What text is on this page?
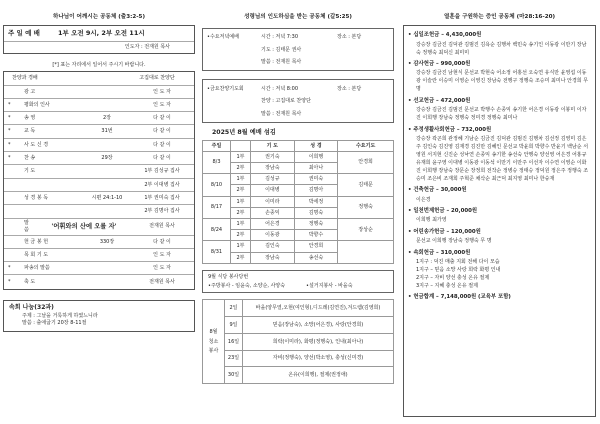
하나님이 어깨시는 공동체 (출3:2-5)
주 일 예 배	1부 오전 9시, 2부 오전 11시
인도자 : 전재원 목사
[*] 표는 자리에서 일어서 주시기 바랍니다.
찬양과 경배	고집대로 찬양단
광 고	인 도 자
*	평화의 인사	인 도 자
*	송 영	2장	다 같 이
*	교 독	31번	다 같 이
*	사 도 신 경	다 같 이
*	찬 송	29장	다 같 이
기 도	1부 김성규 집사
2부 이대병 집사
성 경 봉 독	시편 24:1-10	1부 권미숙 집사
2부 김명아 집사
말 씀	'어휘와의 산에 오를 자'	전재원 목사
헌 금 봉 헌	330장	다 같 이
목 회 기 도	인 도 자
*	파송의 말씀	인 도 자
*	축 도	전재원 목사
속회 나눔(32과)
주제 : 그날을 거룩하게 하였느니라
말씀 : 출애굽기 20장 8-11절
성령님의 인도하심을 받는 공동체 (갈5:25)
•수요저녁예배	시간 : 저녁 7:30	장소 : 본당
기도 : 김태문 권사
말씀 : 전재원 목사
•금요찬양기도회	시간 : 저녁 8:00	장소 : 본당
찬양 : 고집대로 찬양단
말씀 : 전재원 목사
2025년 8월 예배 섬김
주일		기 도	성 경	수요기도
8/3	1부	권기숙	이희행	안경희
	2부	장남숙	최아나	
8/10	1부	김성규	권미숙	김태문
	2부	이대병	김명아	
8/17	1부	이미라	박세정	정행숙
	2부	손종익	김명숙	
8/24	1부	어은경	정행숙	장상순
	2부	이동광	박향수	
8/31	1부	김인숙	안경희	
	2부	장남숙	송선숙	
9월 식당 봉사당번
•주방봉사 - 임윤숙, 소양순, 사양숙	•설거지봉사 - 바을숙
8월
청소
봉사	2일	바을(양무열,오현(여인형),디드레(김연진),겨드렘(김영희)
	9일	믿음(장남숙), 소망(어은경), 사랑(안경희)
	16일	희락(이미라), 화평(정행숙), 인내(최아나)
	23일	자비(정행숙), 양선(박소영), 충성(신미경)
	30일	온유(이희행), 절제(권정애)
열훈을 구원하는 증인 공동체 (마28:16-20)
• 십일조헌금 – 4,430,000원
강승장 김금진 김덕관 김범진 김욕순 김행차 백민숙 송기인 이동광 이만기 장남숙 정행숙 최덕신 최미미
• 감사헌금 – 990,000원
강승장 김금진 남현식 문선교 박현숙 어소정 어홍선 오숙연 유식만 윤영섭 이동광 이슬란 이승미 이영순 이영진 장남숙 전행구 정행숙 조승미 최미나 안경희 무 명
• 선교헌금 – 472,000원
강승장 김금진 김범진 문선교 박행수 손종익 송기한 어은경 이동광 이봉미 이자진 이희행 장남숙 정행숙 정미경 정행숙 최미나
• 주정생활사회헌금 – 732,000원
강승장 곽곤희 관정혜 기남순 김금진 김덕관 김범진 김행차 김선정 김영미 김은주 김인숙 김진영 김재경 김진만 김혜인 문선교 박윤희 박향수 반윤기 백남순 서영원 서지현 신진순 성낙연 손종익 송기한 송선숙 안행숙 양선영 어은경 어홍규 유재희 윤구영 이대병 이동광 이동석 이만기 이만주 이선자 이수연 이영순 이화진 이희행 장남숙 장문순 장정희 전작순 정병승 정태승 정덕원 정은주 정행숙 조승미 조은비 조재희 주혁준 채삭순 최근덕 최지영 최미나 한숭재
• 건축헌금 – 30,000원
이은경
• 일천번제헌금 – 20,000원
이희행 최가영
• 어린송가헌금 – 120,000원
문선교 이희행 장남숙 정행숙 무 명
• 속회헌금 – 310,000원
1지구 : 덕진 매출 지회 전해 다이 모습
1지구 – 믿음 소망 사랑 희락 화평 인내
2지구 – 자비 양선 충성 온유 절제
3지구 – 지혜 충성 온유 절제
• 헌금합계 – 7,148,000원 (교육부 포함)
